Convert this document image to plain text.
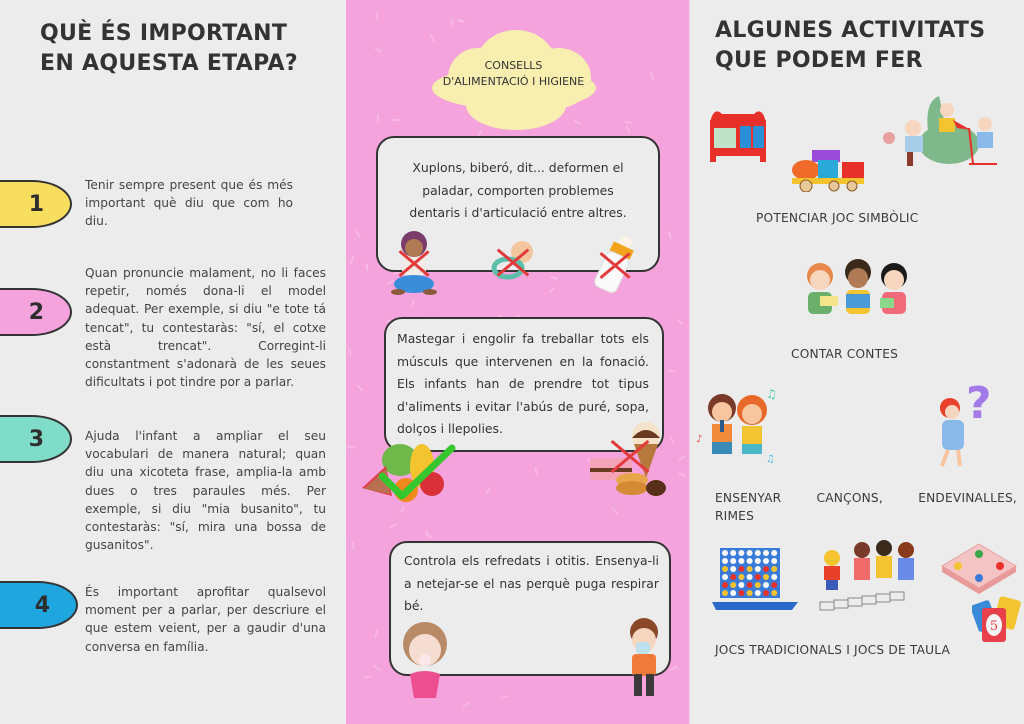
QUÈ ÉS IMPORTANT
EN AQUESTA ETAPA?
1
Tenir sempre present que és més important què diu que com ho diu.
2
Quan pronuncie malament, no li faces repetir, només dona-li el model adequat. Per exemple, si diu "e tote tá tencat", tu contestaràs: "sí, el cotxe està trencat". Corregint-li constantment s'adonarà de les seues dificultats i pot tindre por a parlar.
3	Ajuda l'infant a ampliar el seu vocabulari de manera natural; quan diu una xicoteta frase, amplia-la amb dues o tres paraules més. Per exemple, si diu "mia busanito", tu contestaràs: "sí, mira una bossa de gusanitos".
4
És important aprofitar qualsevol moment per a parlar, per descriure el que estem veient, per a gaudir d'una conversa en família.
CONSELLS
D'ALIMENTACIÓ I HIGIENE
Xuplons, biberó, dit... deformen el paladar, comporten problemes dentaris i d'articulació entre altres.
Mastegar i engolir fa treballar tots els músculs que intervenen en la fonació. Els infants han de prendre tot tipus d'aliments i evitar l'abús de puré, sopa, dolços i llepolies.
Controla els refredats i otitis. Ensenya-li a netejar-se el nas perquè puga respirar bé.
ALGUNES ACTIVITATS
QUE PODEM FER
POTENCIAR JOC SIMBÒLIC
CONTAR CONTES
♫
♪
♫
?
ENSENYAR CANÇONS, ENDEVINALLES,
RIMES
5
JOCS TRADICIONALS I JOCS DE TAULA
